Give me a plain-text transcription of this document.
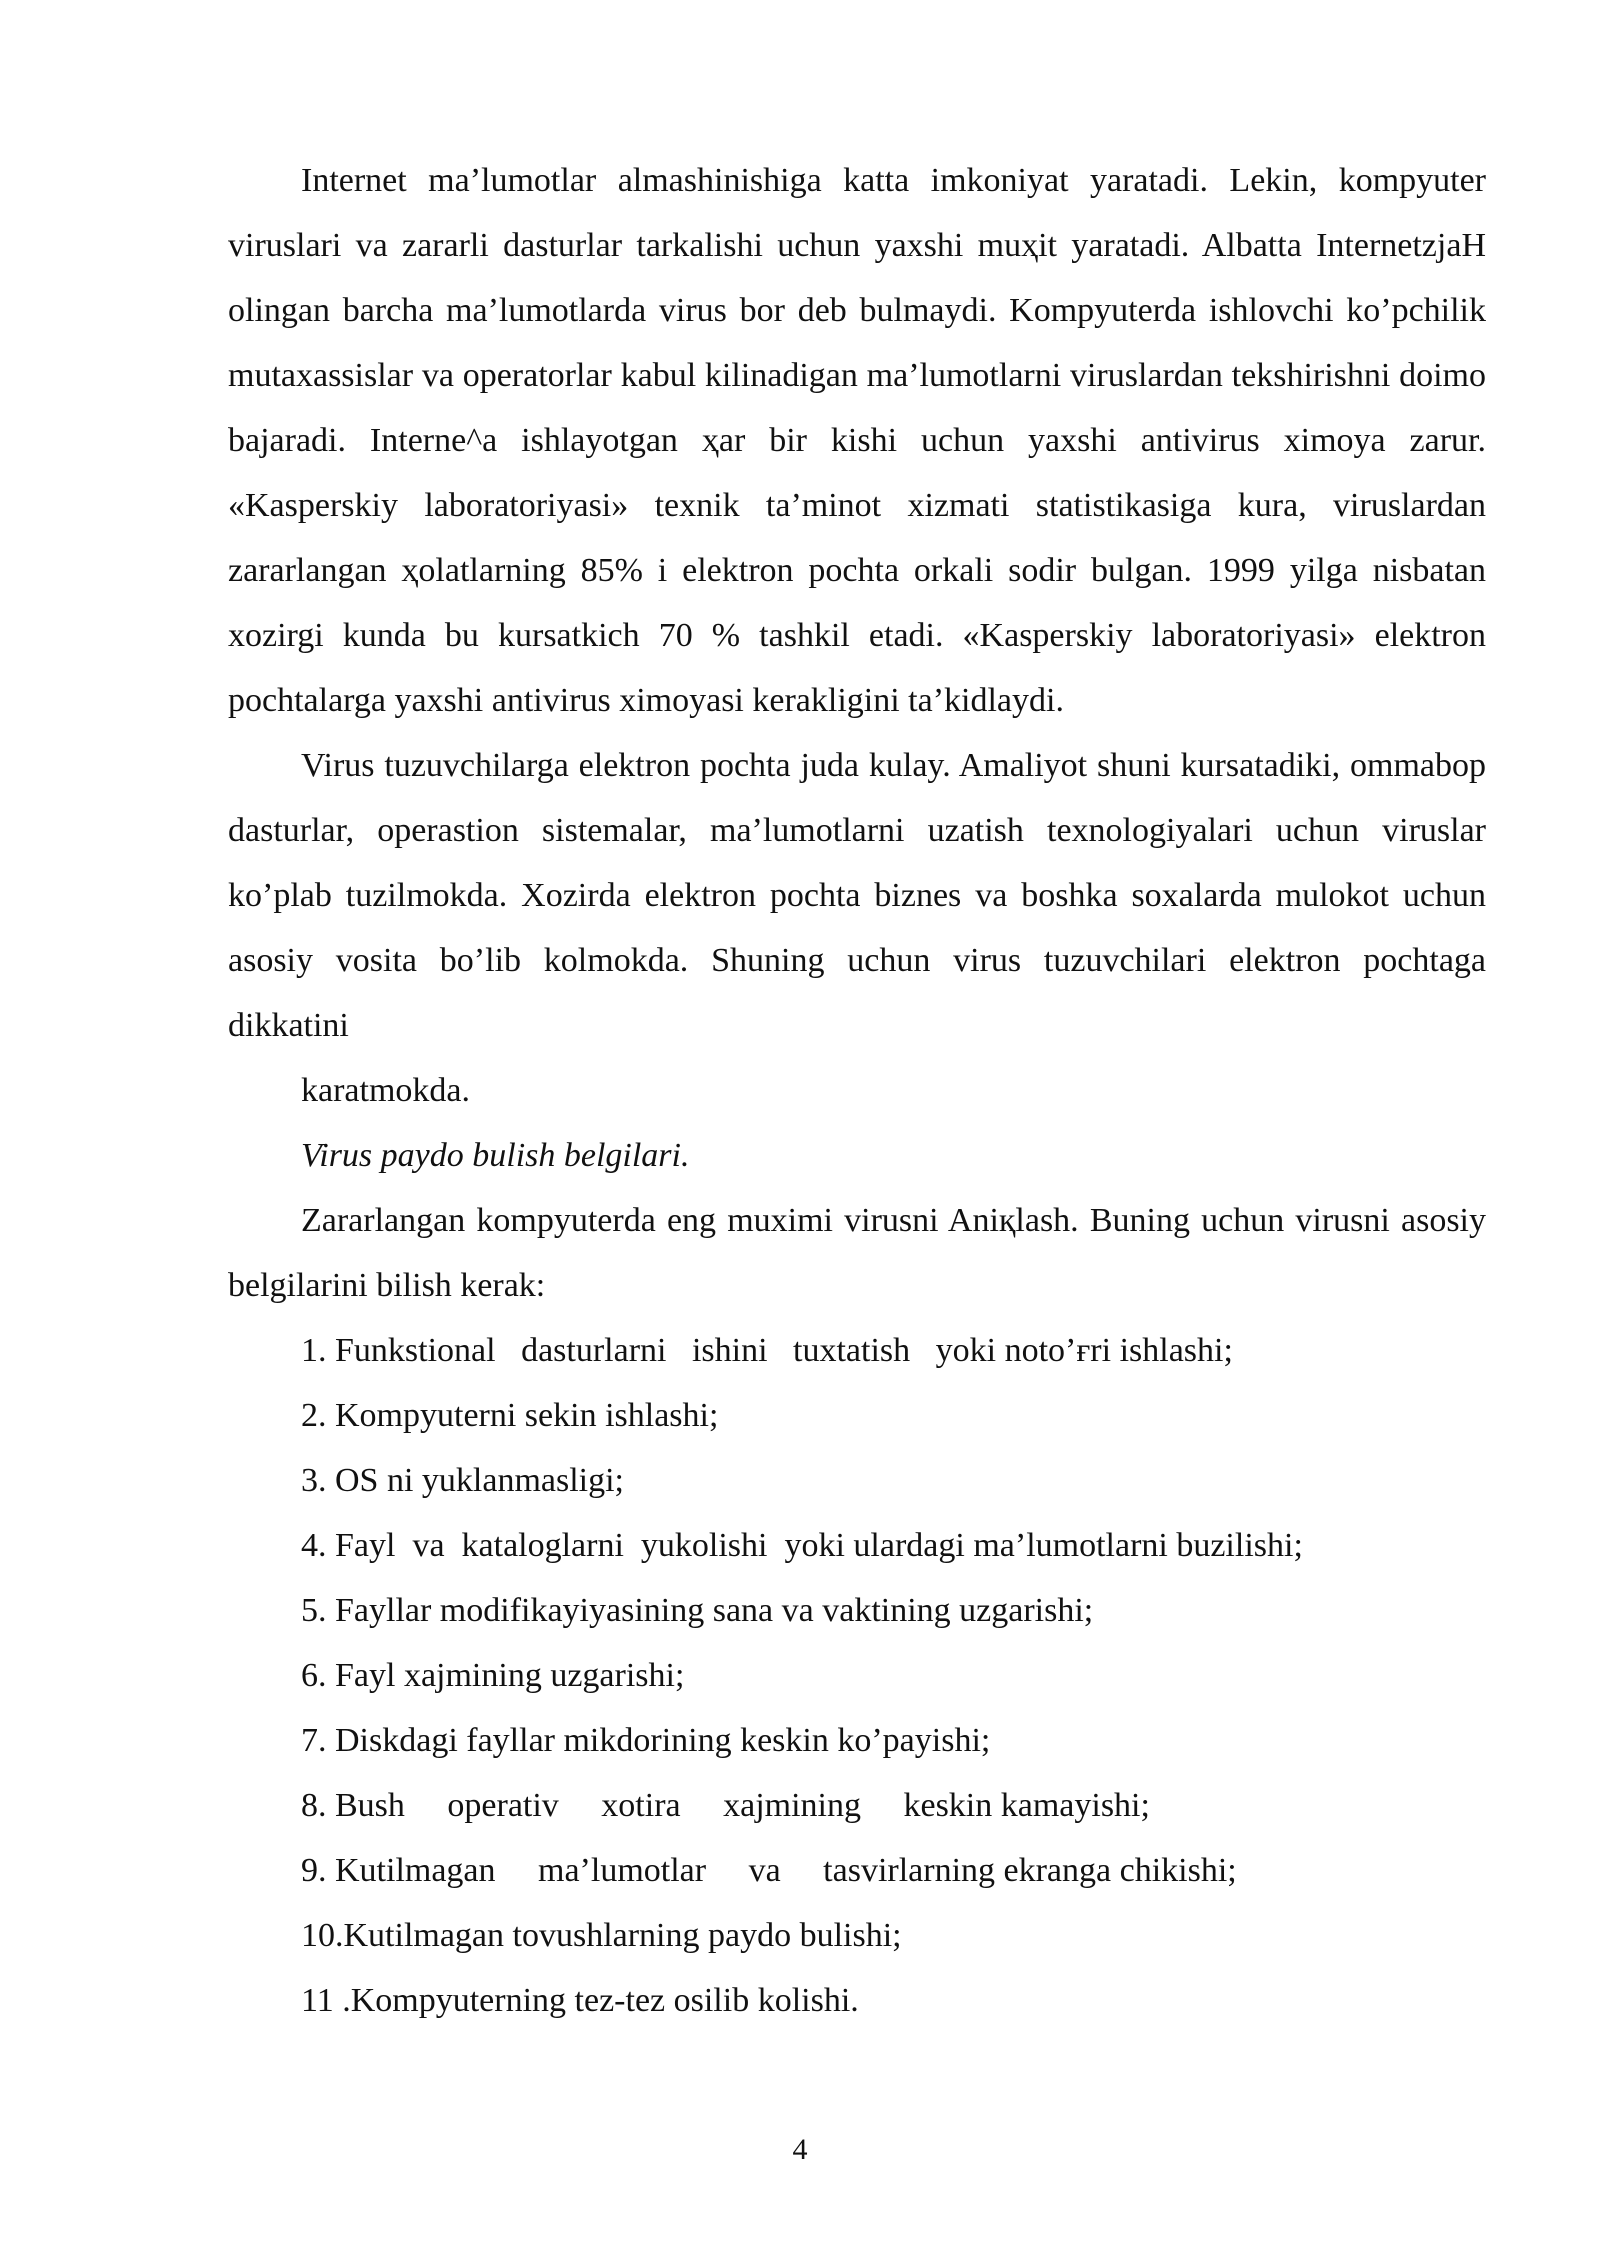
Internet ma’lumotlar almashinishiga katta imkoniyat yaratadi. Lekin, kompyuter viruslari va zararli dasturlar tarkalishi uchun yaxshi muҳit yaratadi. Albatta InternetzjaH olingan barcha ma’lumotlarda virus bor deb bulmaydi. Kompyuterda ishlovchi ko’pchilik mutaxassislar va operatorlar kabul kilinadigan ma’lumotlarni viruslardan tekshirishni doimo bajaradi. Interne^a ishlayotgan ҳar bir kishi uchun yaxshi antivirus ximoya zarur. «Kasperskiy laboratoriyasi» texnik ta’minot xizmati statistikasiga kura, viruslardan zararlangan ҳolatlarning 85% i elektron pochta orkali sodir bulgan. 1999 yilga nisbatan xozirgi kunda bu kursatkich 70 % tashkil etadi. «Kasperskiy laboratoriyasi» elektron pochtalarga yaxshi antivirus ximoyasi kerakligini ta’kidlaydi.

Virus tuzuvchilarga elektron pochta juda kulay. Amaliyot shuni kursatadiki, ommabop dasturlar, operastion sistemalar, ma’lumotlarni uzatish texnologiyalari uchun viruslar ko’plab tuzilmokda. Xozirda elektron pochta biznes va boshka soxalarda mulokot uchun asosiy vosita bo’lib kolmokda. Shuning uchun virus tuzuvchilari elektron pochtaga dikkatini

karatmokda.

Virus paydo bulish belgilari.

Zararlangan kompyuterda eng muximi virusni Aniқlash. Buning uchun virusni asosiy belgilarini bilish kerak:

1. Funkstional   dasturlarni   ishini   tuxtatish   yoki noto’ғri ishlashi;

2. Kompyuterni sekin ishlashi;

3. OS ni yuklanmasligi;

4. Fayl  va  kataloglarni  yukolishi  yoki ulardagi ma’lumotlarni buzilishi;

5. Fayllar modifikayiyasining sana va vaktining uzgarishi;

6. Fayl xajmining uzgarishi;

7. Diskdagi fayllar mikdorining keskin ko’payishi;

8. Bush     operativ     xotira     xajmining     keskin kamayishi;

9. Kutilmagan     ma’lumotlar     va     tasvirlarning ekranga chikishi;

10.Kutilmagan tovushlarning paydo bulishi;

11 .Kompyuterning tez-tez osilib kolishi.

4
